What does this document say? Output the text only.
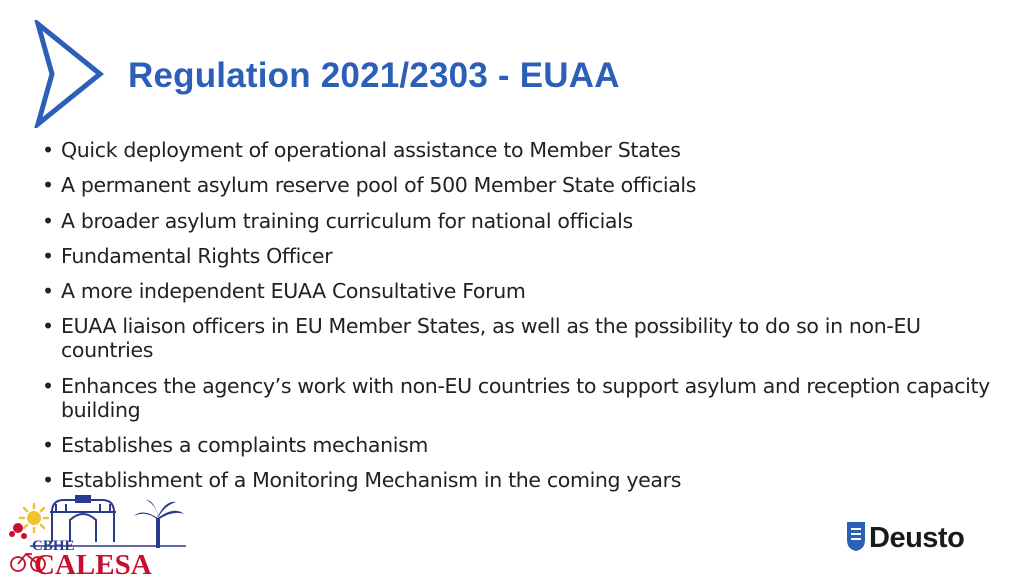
Regulation 2021/2303 - EUAA
• Quick deployment of operational assistance to Member States
• A permanent asylum reserve pool of 500 Member State officials
• A broader asylum training curriculum for national officials
• Fundamental Rights Officer
• A more independent EUAA Consultative Forum
• EUAA liaison officers in EU Member States, as well as the possibility to do so in non-EU countries
• Enhances the agency’s work with non-EU countries to support asylum and reception capacity building
• Establishes a complaints mechanism
• Establishment of a Monitoring Mechanism in the coming years
CBHE
CALESA
Deusto
